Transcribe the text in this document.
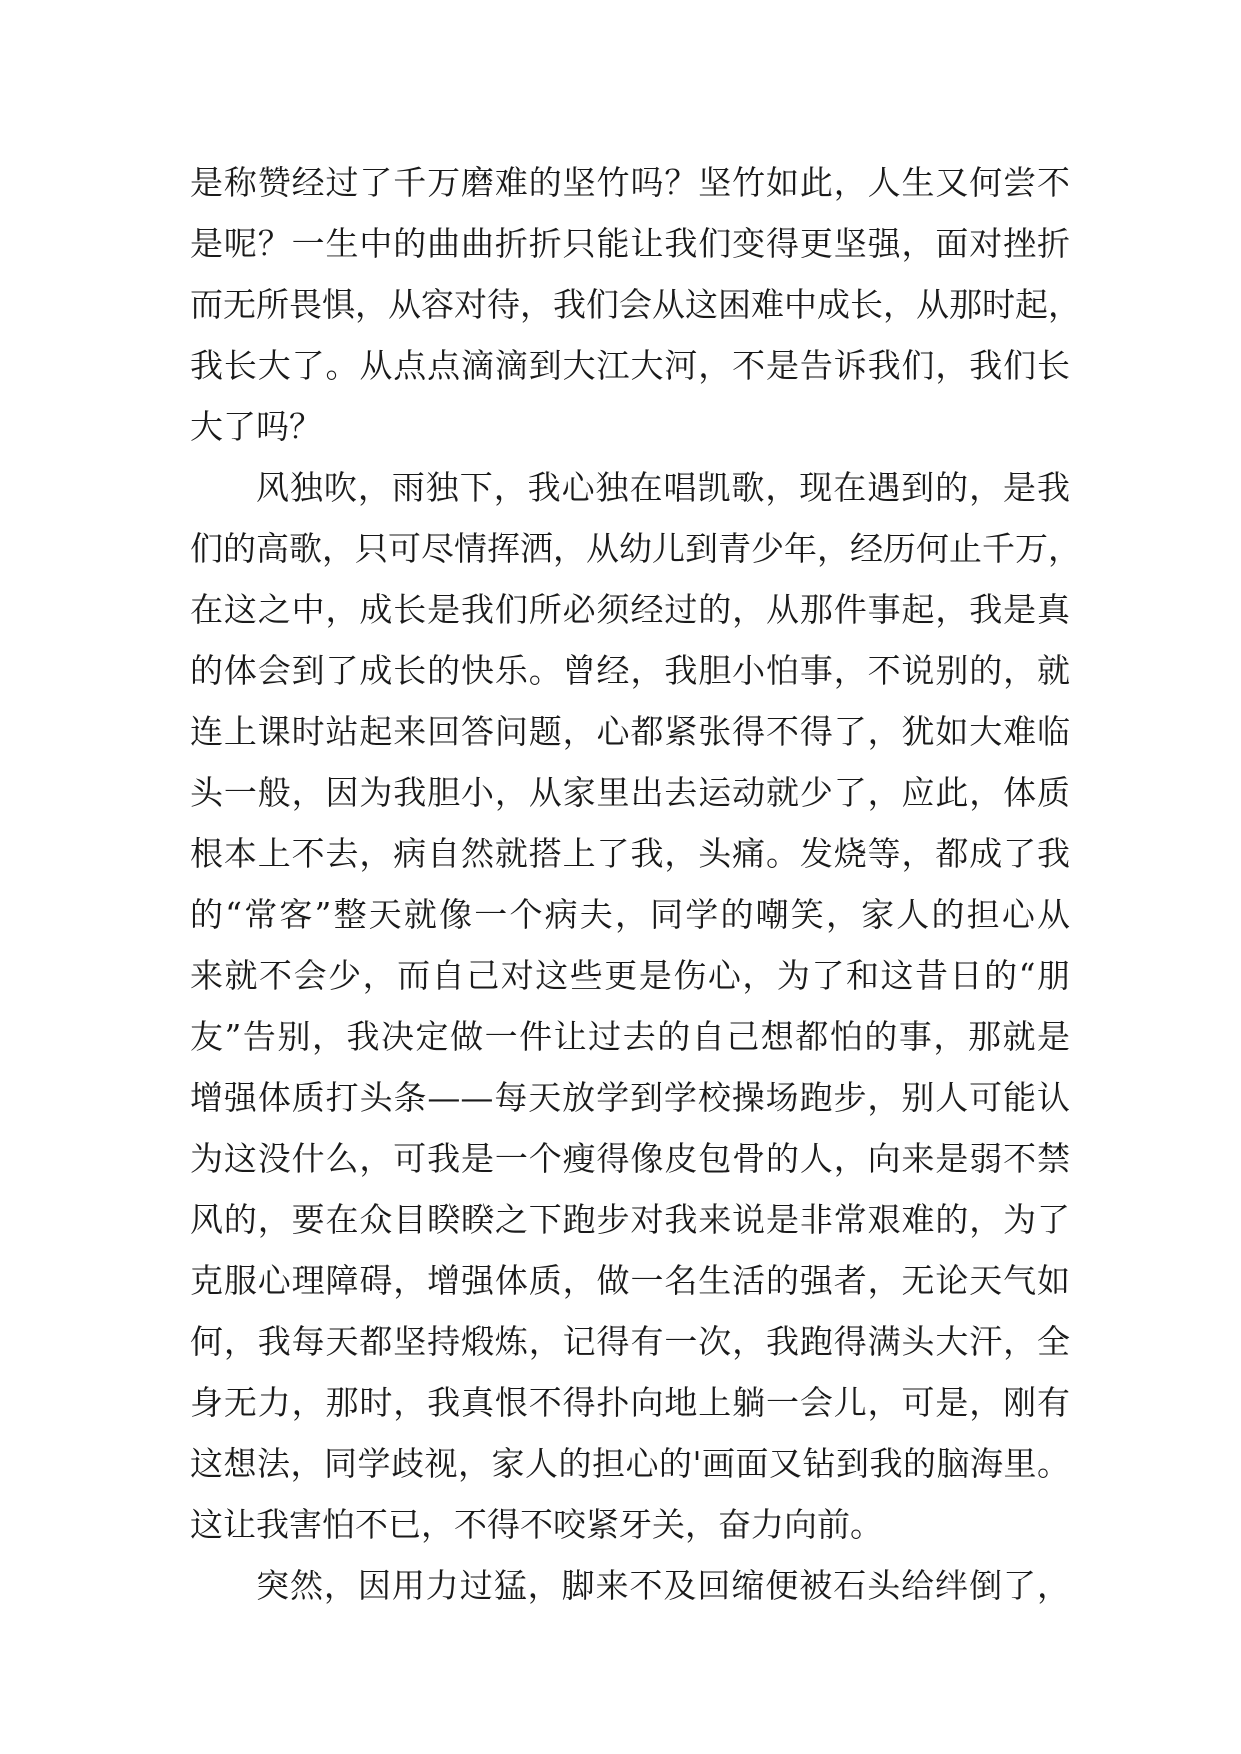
是称赞经过了千万磨难的坚竹吗？坚竹如此，人生又何尝不
是呢？一生中的曲曲折折只能让我们变得更坚强，面对挫折
而无所畏惧，从容对待，我们会从这困难中成长，从那时起，
我长大了。从点点滴滴到大江大河，不是告诉我们，我们长
大了吗？
风独吹，雨独下，我心独在唱凯歌，现在遇到的，是我
们的高歌，只可尽情挥洒，从幼儿到青少年，经历何止千万，
在这之中，成长是我们所必须经过的，从那件事起，我是真
的体会到了成长的快乐。曾经，我胆小怕事，不说别的，就
连上课时站起来回答问题，心都紧张得不得了，犹如大难临
头一般，因为我胆小，从家里出去运动就少了，应此，体质
根本上不去，病自然就搭上了我，头痛。发烧等，都成了我
的“常客”整天就像一个病夫，同学的嘲笑，家人的担心从
来就不会少，而自己对这些更是伤心，为了和这昔日的“朋
友”告别，我决定做一件让过去的自己想都怕的事，那就是
增强体质打头条——每天放学到学校操场跑步，别人可能认
为这没什么，可我是一个瘦得像皮包骨的人，向来是弱不禁
风的，要在众目睽睽之下跑步对我来说是非常艰难的，为了
克服心理障碍，增强体质，做一名生活的强者，无论天气如
何，我每天都坚持煅炼，记得有一次，我跑得满头大汗，全
身无力，那时，我真恨不得扑向地上躺一会儿，可是，刚有
这想法，同学歧视，家人的担心的'画面又钻到我的脑海里。
这让我害怕不已，不得不咬紧牙关，奋力向前。
突然，因用力过猛，脚来不及回缩便被石头给绊倒了，
